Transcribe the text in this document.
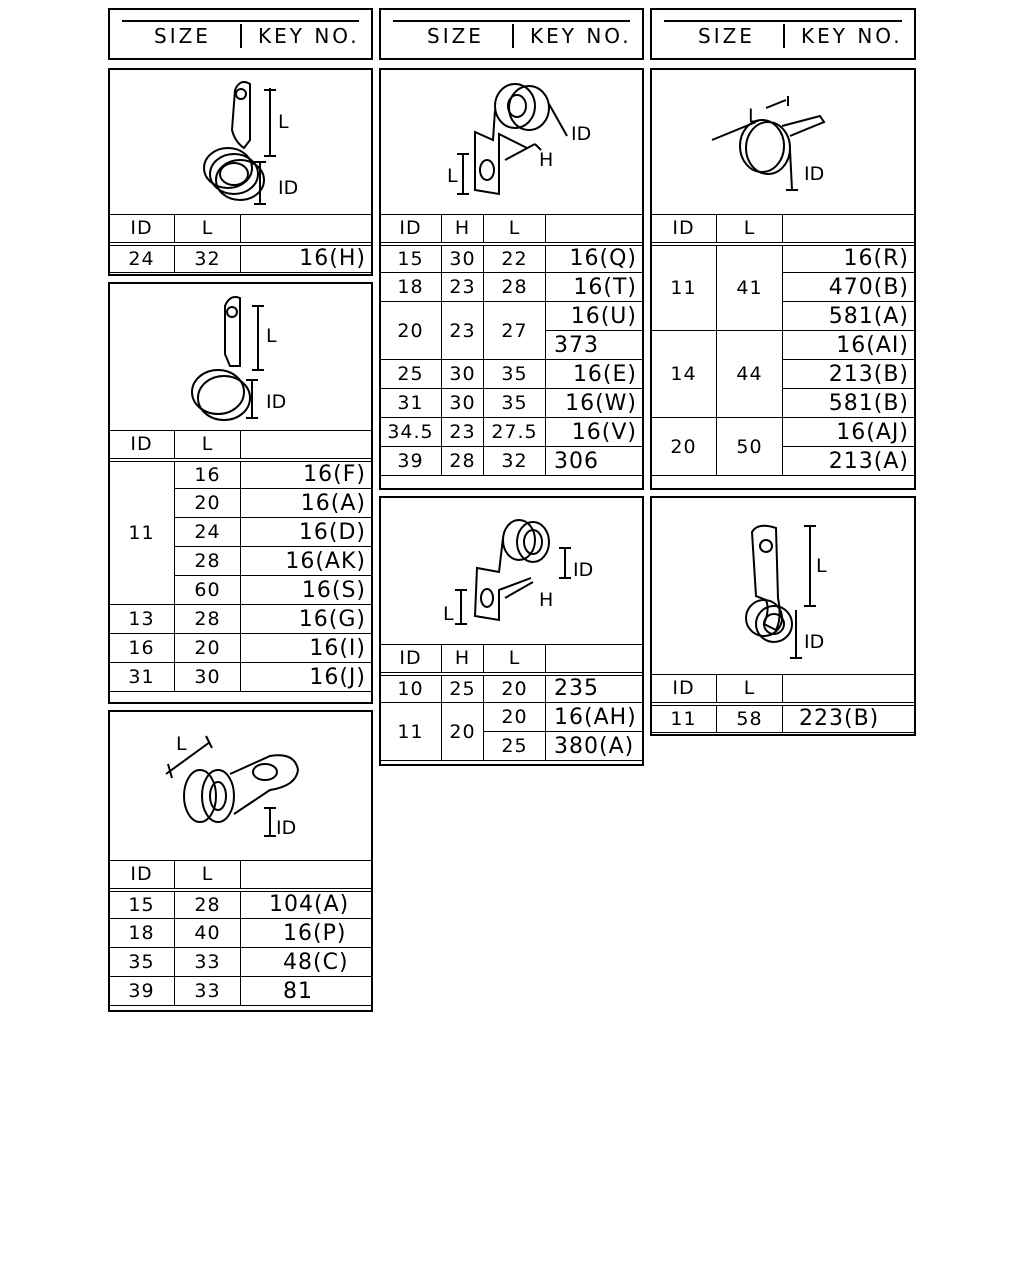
SIZE KEY NO.	SIZE KEY NO.	SIZE KEY NO.
L
ID
ID	L	
24	32	16(H)
L
ID
ID	L	
11	16	16(F)
	20	16(A)
	24	16(D)
	28	16(AK)
	60	16(S)
13	28	16(G)
16	20	16(I)
31	30	16(J)
L
ID
ID	L	
15	28	104(A)
18	40	16(P)
35	33	48(C)
39	33	81
ID
H
L
ID	H	L	
15	30	22	16(Q)
18	23	28	16(T)
20	23	27	16(U)
			373
25	30	35	16(E)
31	30	35	16(W)
34.5	23	27.5	16(V)
39	28	32	306
ID
H
L
ID	H	L	
10	25	20	235
11	20	20	16(AH)
		25	380(A)
L
ID
ID	L	
11	41	16(R)
		470(B)
		581(A)
14	44	16(AI)
		213(B)
		581(B)
20	50	16(AJ)
		213(A)
L
ID
ID	L	
11	58	223(B)
